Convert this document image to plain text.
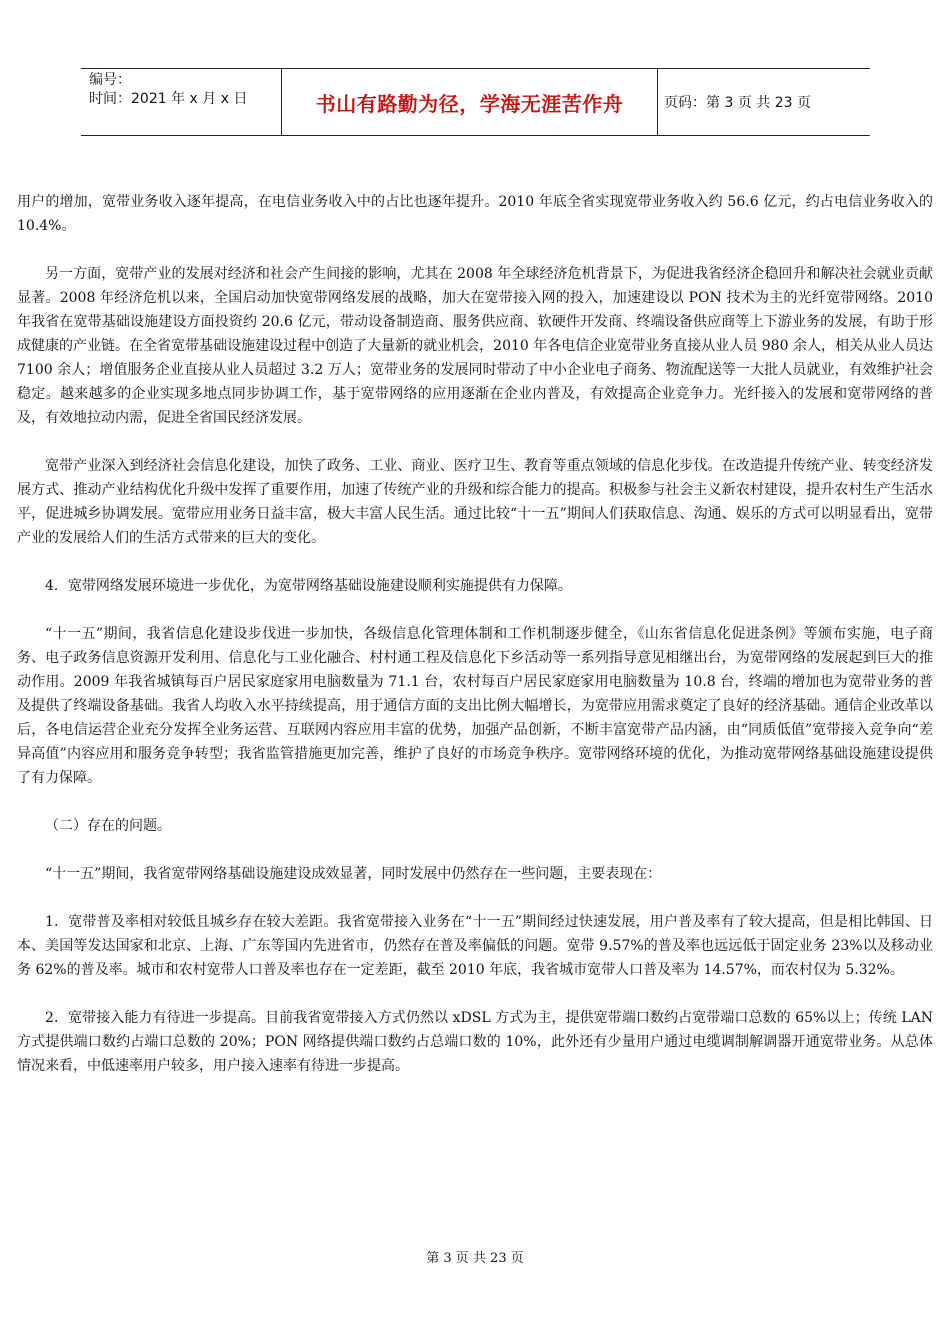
编号：
时间：2021 年 x 月 x 日	书山有路勤为径，学海无涯苦作舟	页码：第 3 页 共 23 页

用户的增加，宽带业务收入逐年提高，在电信业务收入中的占比也逐年提升。2010 年底全省实现宽带业务收入约 56.6 亿元，约占电信业务收入的 10.4%。

另一方面，宽带产业的发展对经济和社会产生间接的影响，尤其在 2008 年全球经济危机背景下，为促进我省经济企稳回升和解决社会就业贡献显著。2008 年经济危机以来，全国启动加快宽带网络发展的战略，加大在宽带接入网的投入，加速建设以 PON 技术为主的光纤宽带网络。2010 年我省在宽带基础设施建设方面投资约 20.6 亿元，带动设备制造商、服务供应商、软硬件开发商、终端设备供应商等上下游业务的发展，有助于形成健康的产业链。在全省宽带基础设施建设过程中创造了大量新的就业机会，2010 年各电信企业宽带业务直接从业人员 980 余人，相关从业人员达 7100 余人；增值服务企业直接从业人员超过 3.2 万人；宽带业务的发展同时带动了中小企业电子商务、物流配送等一大批人员就业，有效维护社会稳定。越来越多的企业实现多地点同步协调工作，基于宽带网络的应用逐渐在企业内普及，有效提高企业竞争力。光纤接入的发展和宽带网络的普及，有效地拉动内需，促进全省国民经济发展。

宽带产业深入到经济社会信息化建设，加快了政务、工业、商业、医疗卫生、教育等重点领域的信息化步伐。在改造提升传统产业、转变经济发展方式、推动产业结构优化升级中发挥了重要作用，加速了传统产业的升级和综合能力的提高。积极参与社会主义新农村建设，提升农村生产生活水平，促进城乡协调发展。宽带应用业务日益丰富，极大丰富人民生活。通过比较“十一五”期间人们获取信息、沟通、娱乐的方式可以明显看出，宽带产业的发展给人们的生活方式带来的巨大的变化。

4．宽带网络发展环境进一步优化，为宽带网络基础设施建设顺利实施提供有力保障。

“十一五”期间，我省信息化建设步伐进一步加快，各级信息化管理体制和工作机制逐步健全，《山东省信息化促进条例》等颁布实施，电子商务、电子政务信息资源开发利用、信息化与工业化融合、村村通工程及信息化下乡活动等一系列指导意见相继出台，为宽带网络的发展起到巨大的推动作用。2009 年我省城镇每百户居民家庭家用电脑数量为 71.1 台，农村每百户居民家庭家用电脑数量为 10.8 台，终端的增加也为宽带业务的普及提供了终端设备基础。我省人均收入水平持续提高，用于通信方面的支出比例大幅增长，为宽带应用需求奠定了良好的经济基础。通信企业改革以后，各电信运营企业充分发挥全业务运营、互联网内容应用丰富的优势，加强产品创新，不断丰富宽带产品内涵，由“同质低值”宽带接入竞争向“差异高值”内容应用和服务竞争转型；我省监管措施更加完善，维护了良好的市场竞争秩序。宽带网络环境的优化，为推动宽带网络基础设施建设提供了有力保障。

（二）存在的问题。

“十一五”期间，我省宽带网络基础设施建设成效显著，同时发展中仍然存在一些问题，主要表现在：

1．宽带普及率相对较低且城乡存在较大差距。我省宽带接入业务在“十一五”期间经过快速发展，用户普及率有了较大提高，但是相比韩国、日本、美国等发达国家和北京、上海、广东等国内先进省市，仍然存在普及率偏低的问题。宽带 9.57%的普及率也远远低于固定业务 23%以及移动业务 62%的普及率。城市和农村宽带人口普及率也存在一定差距，截至 2010 年底，我省城市宽带人口普及率为 14.57%，而农村仅为 5.32%。

2．宽带接入能力有待进一步提高。目前我省宽带接入方式仍然以 xDSL 方式为主，提供宽带端口数约占宽带端口总数的 65%以上；传统 LAN 方式提供端口数约占端口总数的 20%；PON 网络提供端口数约占总端口数的 10%，此外还有少量用户通过电缆调制解调器开通宽带业务。从总体情况来看，中低速率用户较多，用户接入速率有待进一步提高。

第 3 页 共 23 页
